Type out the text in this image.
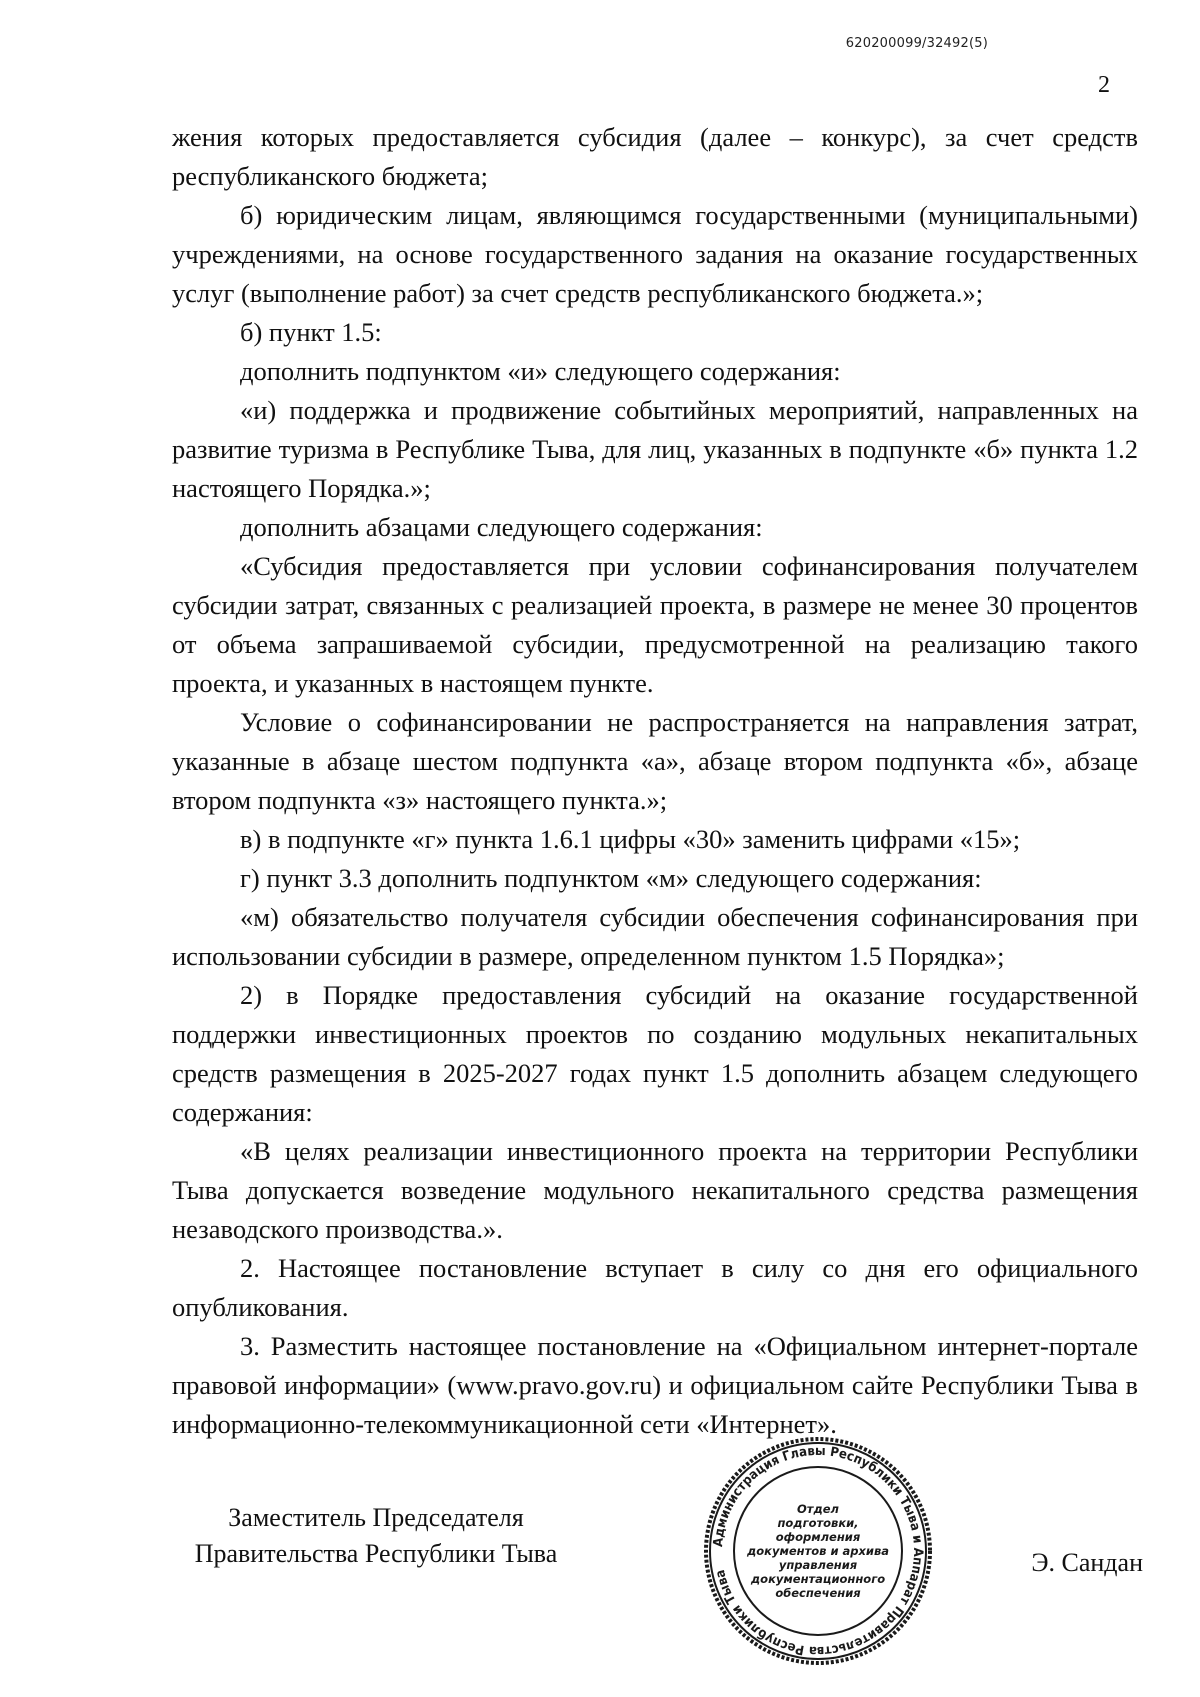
620200099/32492(5)
2

жения которых предоставляется субсидия (далее – конкурс), за счет средств республиканского бюджета;

б) юридическим лицам, являющимся государственными (муниципальными) учреждениями, на основе государственного задания на оказание государственных услуг (выполнение работ) за счет средств республиканского бюджета.»;

б) пункт 1.5:

дополнить подпунктом «и» следующего содержания:

«и) поддержка и продвижение событийных мероприятий, направленных на развитие туризма в Республике Тыва, для лиц, указанных в подпункте «б» пункта 1.2 настоящего Порядка.»;

дополнить абзацами следующего содержания:

«Субсидия предоставляется при условии софинансирования получателем субсидии затрат, связанных с реализацией проекта, в размере не менее 30 процентов от объема запрашиваемой субсидии, предусмотренной на реализацию такого проекта, и указанных в настоящем пункте.

Условие о софинансировании не распространяется на направления затрат, указанные в абзаце шестом подпункта «а», абзаце втором подпункта «б», абзаце втором подпункта «з» настоящего пункта.»;

в) в подпункте «г» пункта 1.6.1 цифры «30» заменить цифрами «15»;

г) пункт 3.3 дополнить подпунктом «м» следующего содержания:

«м) обязательство получателя субсидии обеспечения софинансирования при использовании субсидии в размере, определенном пунктом 1.5 Порядка»;

2) в Порядке предоставления субсидий на оказание государственной поддержки инвестиционных проектов по созданию модульных некапитальных средств размещения в 2025-2027 годах пункт 1.5 дополнить абзацем следующего содержания:

«В целях реализации инвестиционного проекта на территории Республики Тыва допускается возведение модульного некапитального средства размещения незаводского производства.».

2. Настоящее постановление вступает в силу со дня его официального опубликования.

3. Разместить настоящее постановление на «Официальном интернет-портале правовой информации» (www.pravo.gov.ru) и официальном сайте Республики Тыва в информационно-телекоммуникационной сети «Интернет».

Заместитель Председателя
Правительства Республики Тыва	Администрация Главы Республики Тыва и Аппарат Правительства Республики Тыва
Отдел
подготовки,
оформления
документов и архива
управления
документационного
обеспечения
Э. Сандан
